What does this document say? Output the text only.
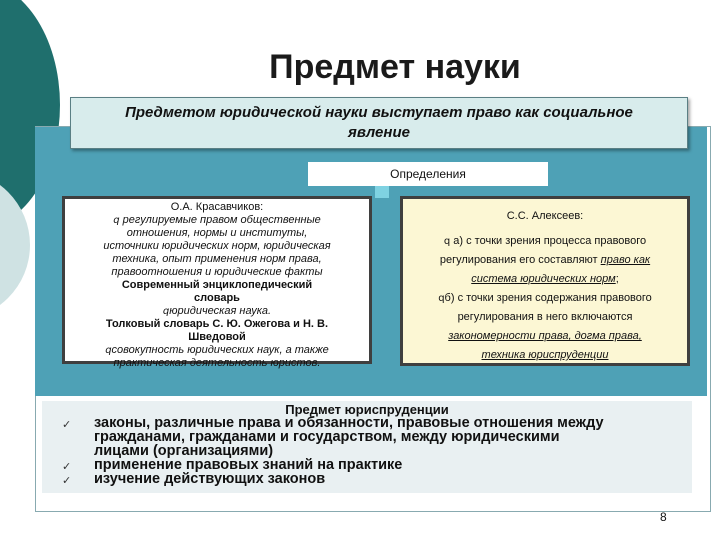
Предмет науки
Предметом юридической науки выступает право как социальное
явление
Определения
О.А. Красавчиков:
q регулируемые правом общественные
отношения, нормы и институты,
источники юридических норм, юридическая
техника, опыт применения норм права,
правоотношения и юридические факты
Современный энциклопедический
словарь
qюридическая наука.
Толковый словарь С. Ю. Ожегова и Н. В.
Шведовой
qсовокупность юридических наук, а также
практическая деятельность юристов.
С.С. Алексеев:
q а) с точки зрения процесса правового
регулирования его составляют право как
система юридических норм;
qб) с точки зрения содержания правового
регулирования в него включаются
закономерности права, догма права,
техника юриспруденции
Предмет юриспруденции
✓ законы, различные права и обязанности, правовые отношения между
гражданами, гражданами и государством, между юридическими
лицами (организациями)
✓ применение правовых знаний на практике
✓ изучение действующих законов
8
